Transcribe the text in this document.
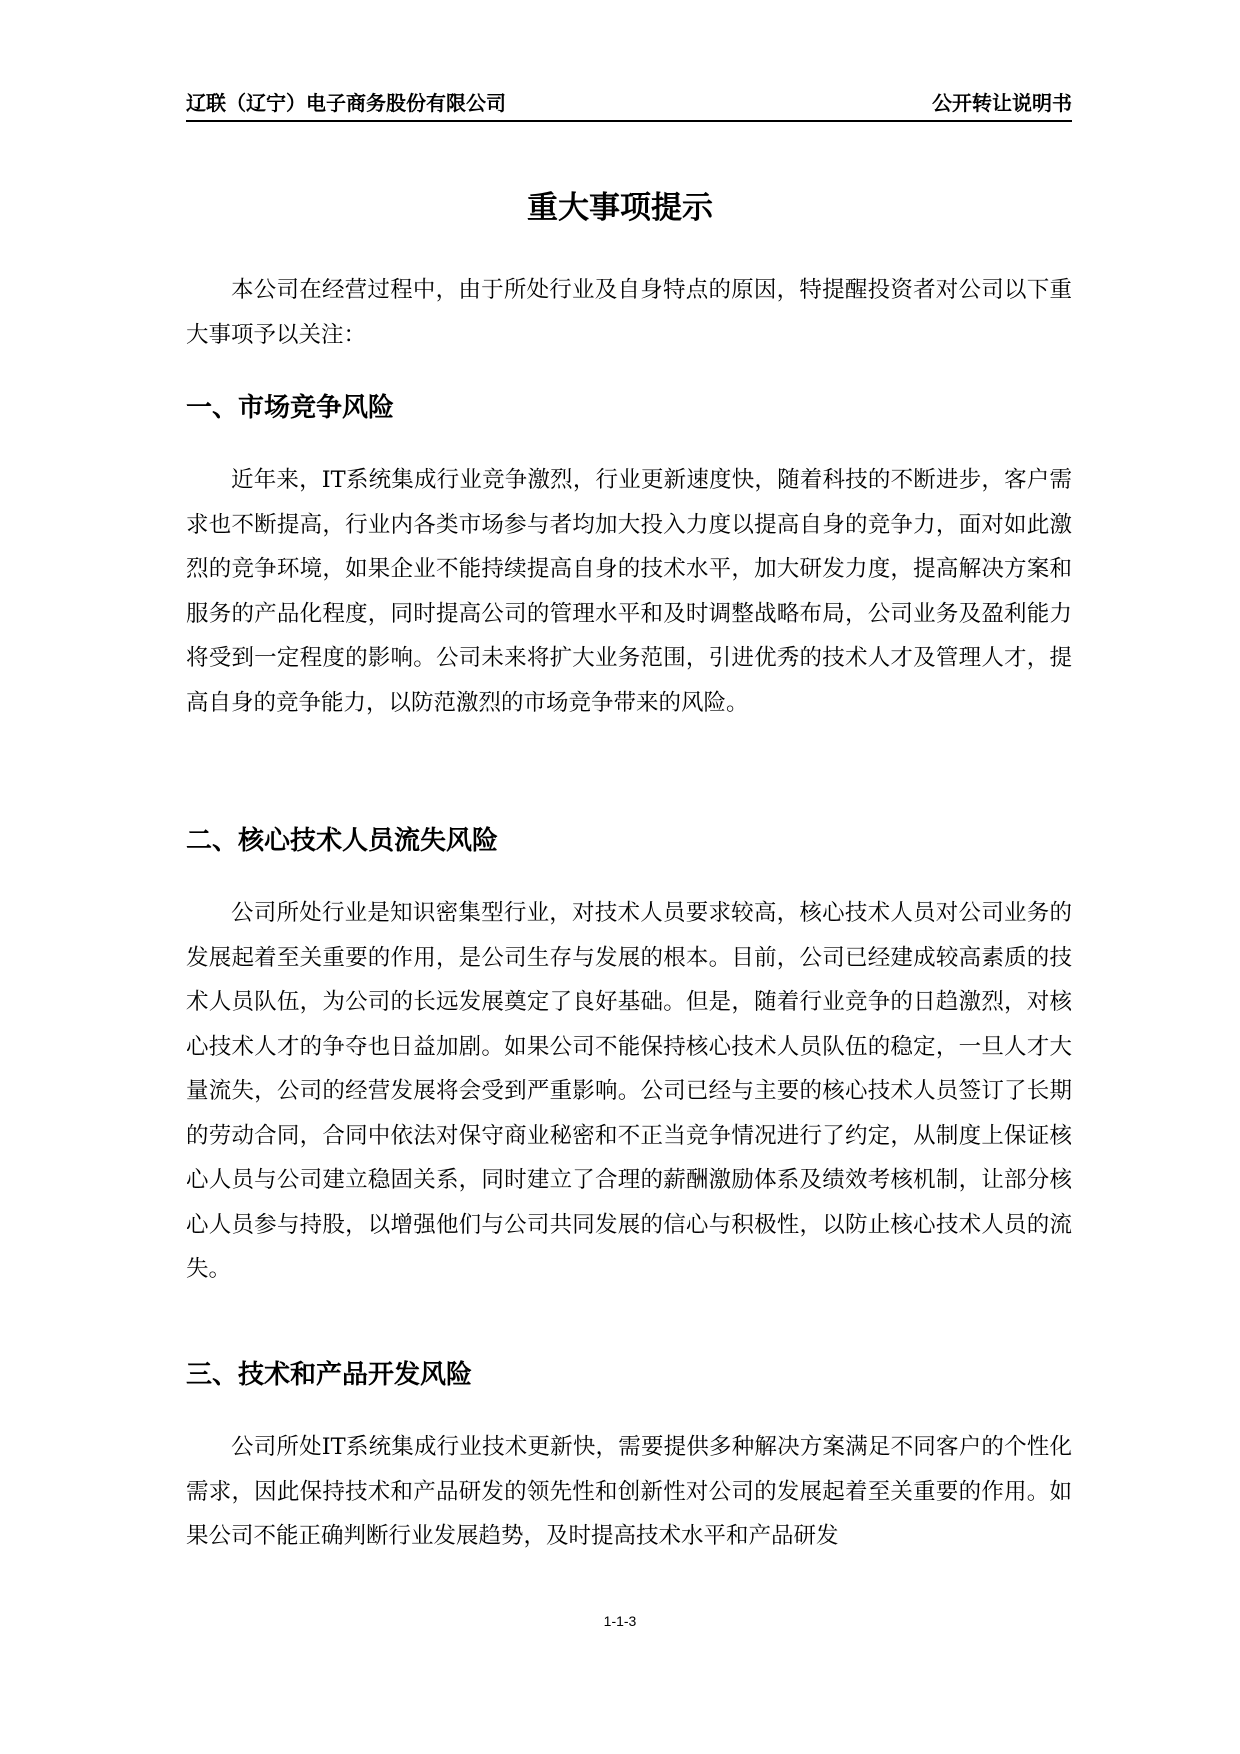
辽联（辽宁）电子商务股份有限公司	公开转让说明书
重大事项提示

本公司在经营过程中，由于所处行业及自身特点的原因，特提醒投资者对公司以下重大事项予以关注：

一、市场竞争风险

近年来，IT系统集成行业竞争激烈，行业更新速度快，随着科技的不断进步，客户需求也不断提高，行业内各类市场参与者均加大投入力度以提高自身的竞争力，面对如此激烈的竞争环境，如果企业不能持续提高自身的技术水平，加大研发力度，提高解决方案和服务的产品化程度，同时提高公司的管理水平和及时调整战略布局，公司业务及盈利能力将受到一定程度的影响。公司未来将扩大业务范围，引进优秀的技术人才及管理人才，提高自身的竞争能力，以防范激烈的市场竞争带来的风险。

二、核心技术人员流失风险

公司所处行业是知识密集型行业，对技术人员要求较高，核心技术人员对公司业务的发展起着至关重要的作用，是公司生存与发展的根本。目前，公司已经建成较高素质的技术人员队伍，为公司的长远发展奠定了良好基础。但是，随着行业竞争的日趋激烈，对核心技术人才的争夺也日益加剧。如果公司不能保持核心技术人员队伍的稳定，一旦人才大量流失，公司的经营发展将会受到严重影响。公司已经与主要的核心技术人员签订了长期的劳动合同，合同中依法对保守商业秘密和不正当竞争情况进行了约定，从制度上保证核心人员与公司建立稳固关系，同时建立了合理的薪酬激励体系及绩效考核机制，让部分核心人员参与持股，以增强他们与公司共同发展的信心与积极性，以防止核心技术人员的流失。

三、技术和产品开发风险

公司所处IT系统集成行业技术更新快，需要提供多种解决方案满足不同客户的个性化需求，因此保持技术和产品研发的领先性和创新性对公司的发展起着至关重要的作用。如果公司不能正确判断行业发展趋势，及时提高技术水平和产品研发

1-1-3
